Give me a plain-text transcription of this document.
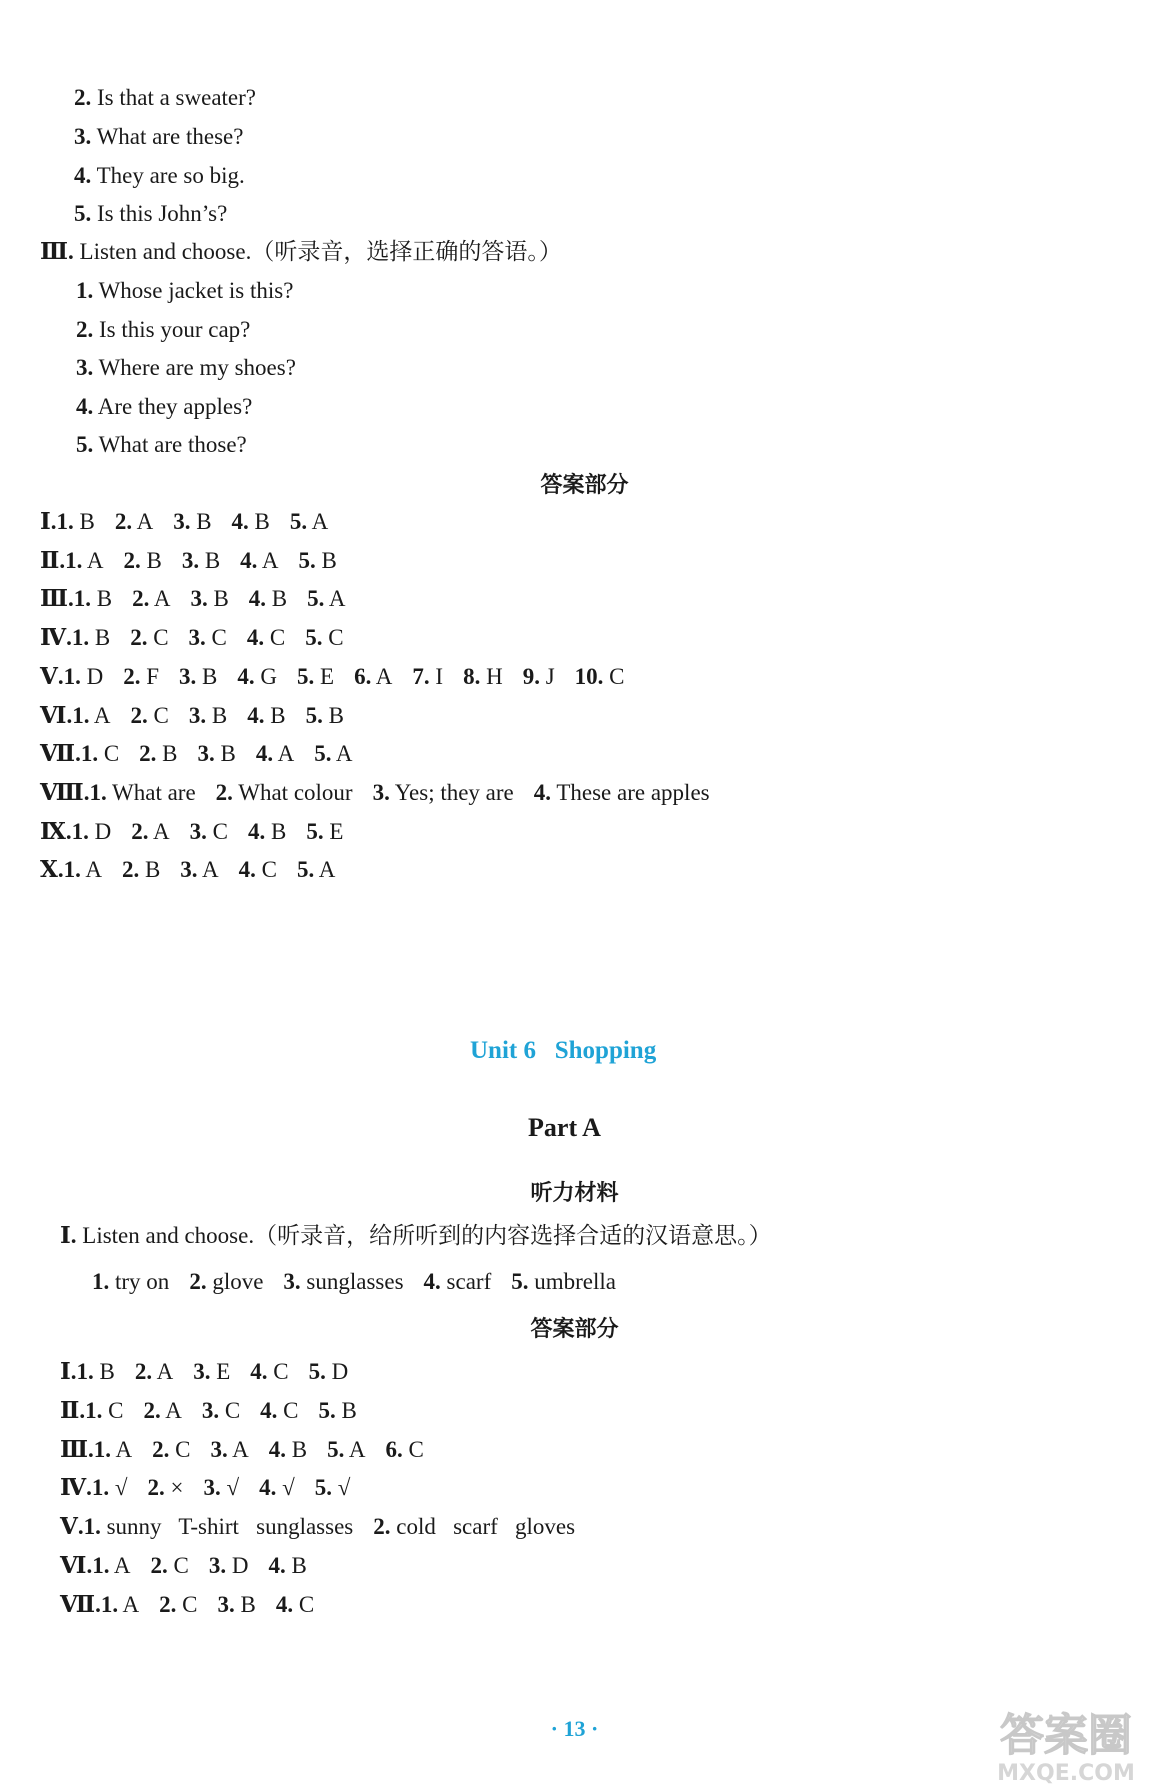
2. Is that a sweater?
3. What are these?
4. They are so big.
5. Is this John’s?
Ⅲ. Listen and choose.（听录音，选择正确的答语。）
1. Whose jacket is this?
2. Is this your cap?
3. Where are my shoes?
4. Are they apples?
5. What are those?
答案部分
Ⅰ.1. B 2. A 3. B 4. B 5. A
Ⅱ.1. A 2. B 3. B 4. A 5. B
Ⅲ.1. B 2. A 3. B 4. B 5. A
Ⅳ.1. B 2. C 3. C 4. C 5. C
Ⅴ.1. D 2. F 3. B 4. G 5. E 6. A 7. I 8. H 9. J 10. C
Ⅵ.1. A 2. C 3. B 4. B 5. B
Ⅶ.1. C 2. B 3. B 4. A 5. A
Ⅷ.1. What are 2. What colour 3. Yes; they are 4. These are apples
Ⅸ.1. D 2. A 3. C 4. B 5. E
Ⅹ.1. A 2. B 3. A 4. C 5. A
Unit 6 Shopping
Part A
听力材料
Ⅰ. Listen and choose.（听录音，给所听到的内容选择合适的汉语意思。）
1. try on 2. glove 3. sunglasses 4. scarf 5. umbrella
答案部分
Ⅰ.1. B 2. A 3. E 4. C 5. D
Ⅱ.1. C 2. A 3. C 4. C 5. B
Ⅲ.1. A 2. C 3. A 4. B 5. A 6. C
Ⅳ.1. √ 2. × 3. √ 4. √ 5. √
Ⅴ.1. sunny   T-shirt   sunglasses 2. cold   scarf   gloves
Ⅵ.1. A 2. C 3. D 4. B
Ⅶ.1. A 2. C 3. B 4. C
· 13 ·	答案圈
MXQE.COM
